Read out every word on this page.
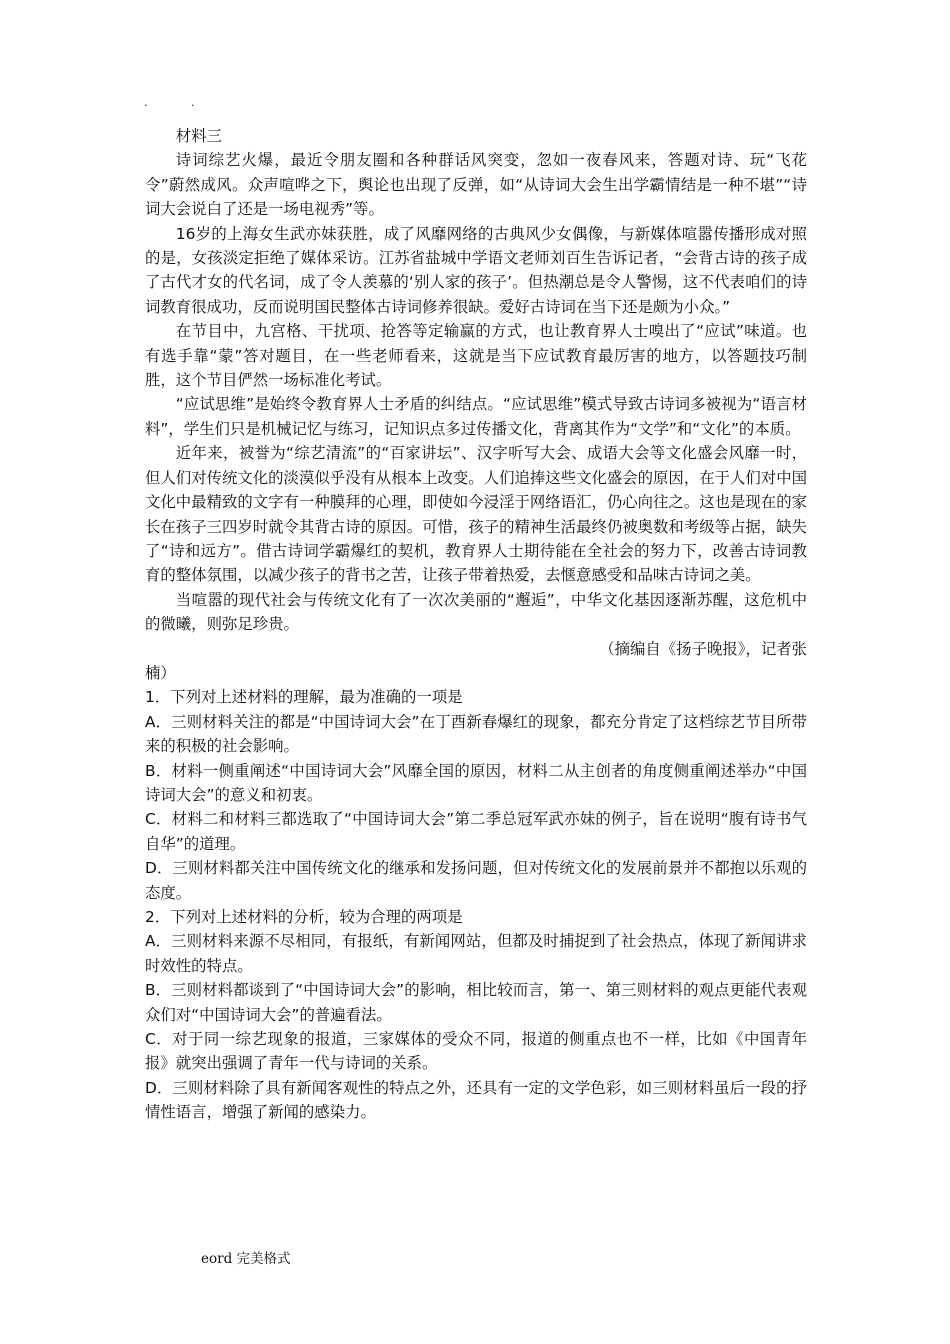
.	.

材料三

诗词综艺火爆，最近令朋友圈和各种群话风突变，忽如一夜春风来，答题对诗、玩“飞花令”蔚然成风。众声喧哗之下，舆论也出现了反弹，如“从诗词大会生出学霸情结是一种不堪”“诗词大会说白了还是一场电视秀”等。

16岁的上海女生武亦妹获胜，成了风靡网络的古典风少女偶像，与新媒体喧嚣传播形成对照的是，女孩淡定拒绝了媒体采访。江苏省盐城中学语文老师刘百生告诉记者，“会背古诗的孩子成了古代才女的代名词，成了令人羡慕的‘别人家的孩子’。但热潮总是令人警惕，这不代表咱们的诗词教育很成功，反而说明国民整体古诗词修养很缺。爱好古诗词在当下还是颇为小众。”

在节目中，九宫格、干扰项、抢答等定输赢的方式，也让教育界人士嗅出了“应试”味道。也有选手靠“蒙”答对题目，在一些老师看来，这就是当下应试教育最厉害的地方，以答题技巧制胜，这个节目俨然一场标准化考试。

“应试思维”是始终令教育界人士矛盾的纠结点。“应试思维”模式导致古诗词多被视为“语言材料”，学生们只是机械记忆与练习，记知识点多过传播文化，背离其作为“文学”和“文化”的本质。

近年来，被誉为“综艺清流”的“百家讲坛”、汉字听写大会、成语大会等文化盛会风靡一时，但人们对传统文化的淡漠似乎没有从根本上改变。人们追捧这些文化盛会的原因，在于人们对中国文化中最精致的文字有一种膜拜的心理，即使如今浸淫于网络语汇，仍心向往之。这也是现在的家长在孩子三四岁时就令其背古诗的原因。可惜，孩子的精神生活最终仍被奥数和考级等占据，缺失了“诗和远方”。借古诗词学霸爆红的契机，教育界人士期待能在全社会的努力下，改善古诗词教育的整体氛围，以减少孩子的背书之苦，让孩子带着热爱，去惬意感受和品味古诗词之美。

当喧嚣的现代社会与传统文化有了一次次美丽的“邂逅”，中华文化基因逐渐苏醒，这危机中的微曦，则弥足珍贵。

（摘编自《扬子晚报》，记者张

楠）

1．下列对上述材料的理解，最为准确的一项是

A．三则材料关注的都是“中国诗词大会”在丁酉新春爆红的现象，都充分肯定了这档综艺节目所带来的积极的社会影响。

B．材料一侧重阐述“中国诗词大会”风靡全国的原因，材料二从主创者的角度侧重阐述举办“中国诗词大会”的意义和初衷。

C．材料二和材料三都选取了“中国诗词大会”第二季总冠军武亦妹的例子，旨在说明“腹有诗书气自华”的道理。

D．三则材料都关注中国传统文化的继承和发扬问题，但对传统文化的发展前景并不都抱以乐观的态度。

2．下列对上述材料的分析，较为合理的两项是

A．三则材料来源不尽相同，有报纸，有新闻网站，但都及时捕捉到了社会热点，体现了新闻讲求时效性的特点。

B．三则材料都谈到了“中国诗词大会”的影响，相比较而言，第一、第三则材料的观点更能代表观众们对“中国诗词大会”的普遍看法。

C．对于同一综艺现象的报道，三家媒体的受众不同，报道的侧重点也不一样，比如《中国青年报》就突出强调了青年一代与诗词的关系。

D．三则材料除了具有新闻客观性的特点之外，还具有一定的文学色彩，如三则材料虽后一段的抒情性语言，增强了新闻的感染力。

eord 完美格式
